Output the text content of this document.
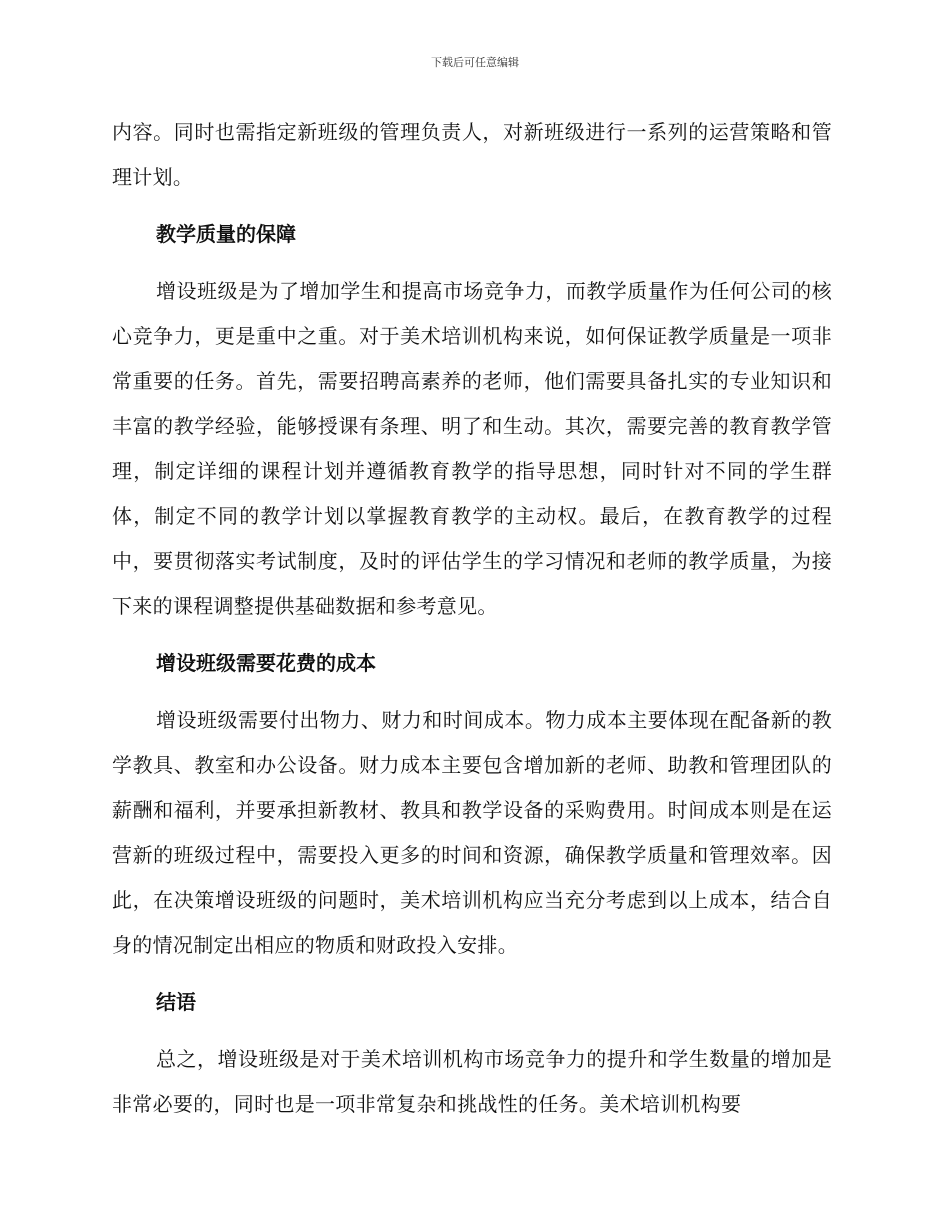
下载后可任意编辑

内容。同时也需指定新班级的管理负责人，对新班级进行一系列的运营策略和管理计划。

教学质量的保障

增设班级是为了增加学生和提高市场竞争力，而教学质量作为任何公司的核心竞争力，更是重中之重。对于美术培训机构来说，如何保证教学质量是一项非常重要的任务。首先，需要招聘高素养的老师，他们需要具备扎实的专业知识和丰富的教学经验，能够授课有条理、明了和生动。其次，需要完善的教育教学管理，制定详细的课程计划并遵循教育教学的指导思想，同时针对不同的学生群体，制定不同的教学计划以掌握教育教学的主动权。最后，在教育教学的过程中，要贯彻落实考试制度，及时的评估学生的学习情况和老师的教学质量，为接下来的课程调整提供基础数据和参考意见。

增设班级需要花费的成本

增设班级需要付出物力、财力和时间成本。物力成本主要体现在配备新的教学教具、教室和办公设备。财力成本主要包含增加新的老师、助教和管理团队的薪酬和福利，并要承担新教材、教具和教学设备的采购费用。时间成本则是在运营新的班级过程中，需要投入更多的时间和资源，确保教学质量和管理效率。因此，在决策增设班级的问题时，美术培训机构应当充分考虑到以上成本，结合自身的情况制定出相应的物质和财政投入安排。

结语

总之，增设班级是对于美术培训机构市场竞争力的提升和学生数量的增加是非常必要的，同时也是一项非常复杂和挑战性的任务。美术培训机构要
